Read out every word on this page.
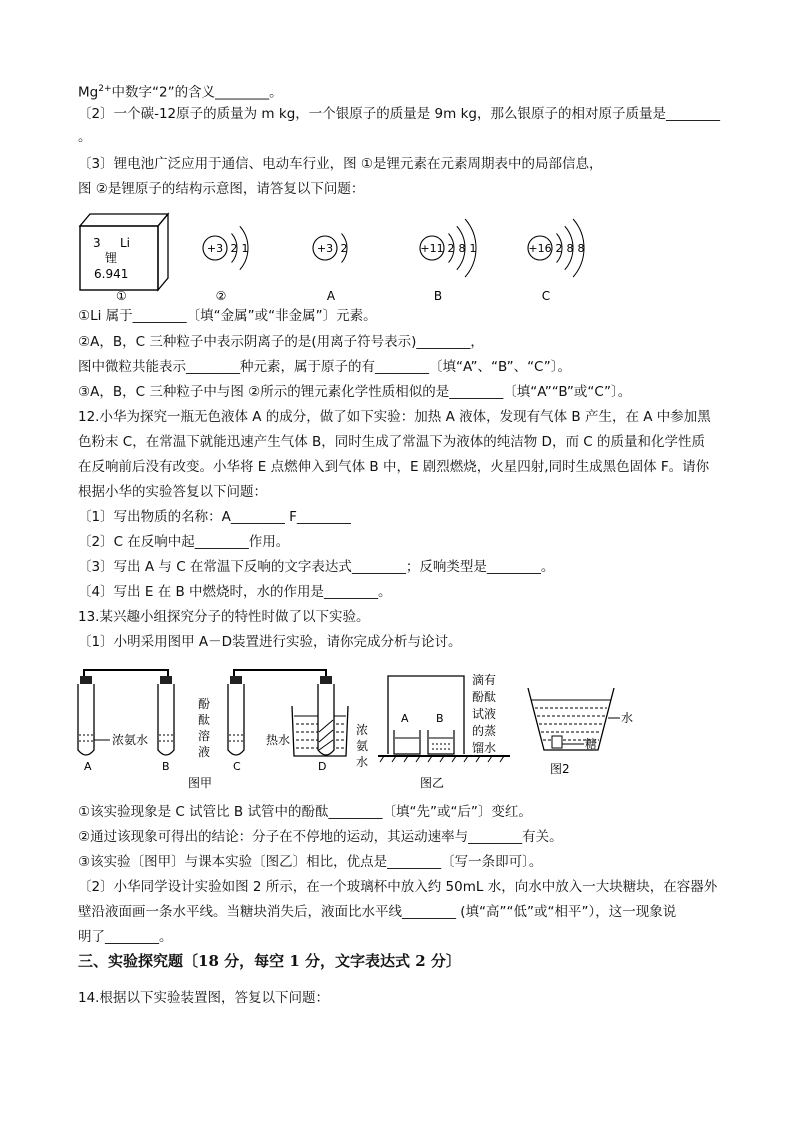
$Mg^{2+}$中数字“2”的含义________。
〔2〕一个碳-12原子的质量为 m kg，一个银原子的质量是 9m kg，那么银原子的相对原子质量是________
。
〔3〕锂电池广泛应用于通信、电动车行业，图 ①是锂元素在元素周期表中的局部信息，
图 ②是锂原子的结构示意图，请答复以下问题：
3 Li
锂
6.941
①
+3 2 1
②
+3 2
A
+11 2 8 1
B
+16 2 8 8
C
①Li 属于________〔填“金属”或“非金属”〕元素。
②A，B，C 三种粒子中表示阴离子的是(用离子符号表示)________，
图中微粒共能表示________种元素，属于原子的有________〔填“A”、“B”、“C”〕。
③A，B，C 三种粒子中与图 ②所示的锂元素化学性质相似的是________〔填“A”“B”或“C”〕。
12.小华为探究一瓶无色液体 A 的成分，做了如下实验：加热 A 液体，发现有气体 B 产生，在 A 中参加黑
色粉末 C，在常温下就能迅速产生气体 B，同时生成了常温下为液体的纯洁物 D，而 C 的质量和化学性质
在反响前后没有改变。小华将 E 点燃伸入到气体 B 中，E 剧烈燃烧，火星四射,同时生成黑色固体 F。请你
根据小华的实验答复以下问题：
〔1〕写出物质的名称：A________ F________
〔2〕C 在反响中起________作用。
〔3〕写出 A 与 C 在常温下反响的文字表达式________；反响类型是________。
〔4〕写出 E 在 B 中燃烧时，水的作用是________。
13.某兴趣小组探究分子的特性时做了以下实验。
〔1〕小明采用图甲 A－D装置进行实验，请你完成分析与论讨。
浓氨水
A	B
酚
酞
溶
液
热水
浓
氨
水
C	D
图甲
A B
滴有
酚酞
试液
的蒸
馏水
图乙
水
糖
图2
①该实验现象是 C 试管比 B 试管中的酚酞________〔填“先”或“后”〕变红。
②通过该现象可得出的结论：分子在不停地的运动，其运动速率与________有关。
③该实验〔图甲〕与课本实验〔图乙〕相比，优点是________〔写一条即可〕。
〔2〕小华同学设计实验如图 2 所示，在一个玻璃杯中放入约 50mL 水，向水中放入一大块糖块，在容器外
壁沿液面画一条水平线。当糖块消失后，液面比水平线________ (填“高”“低”或“相平”），这一现象说
明了________。
三、实验探究题〔18 分，每空 1 分，文字表达式 2 分〕
14.根据以下实验装置图，答复以下问题：
